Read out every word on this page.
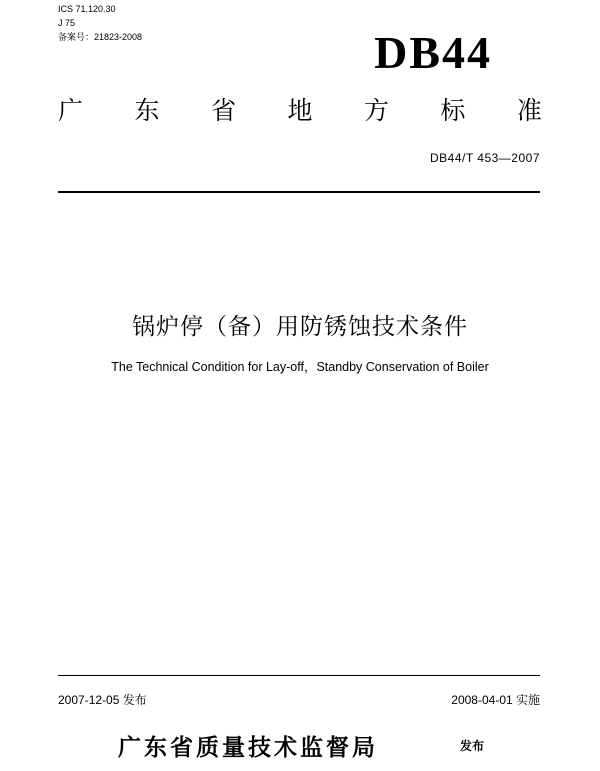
ICS 71.120.30
J 75
备案号：21823-2008	DB44
广 东 省 地 方 标 准
DB44/T 453—2007
锅炉停（备）用防锈蚀技术条件
The Technical Condition for Lay-off，Standby Conservation of Boiler
2007-12-05 发布	2008-04-01 实施
广东省质量技术监督局	发布
